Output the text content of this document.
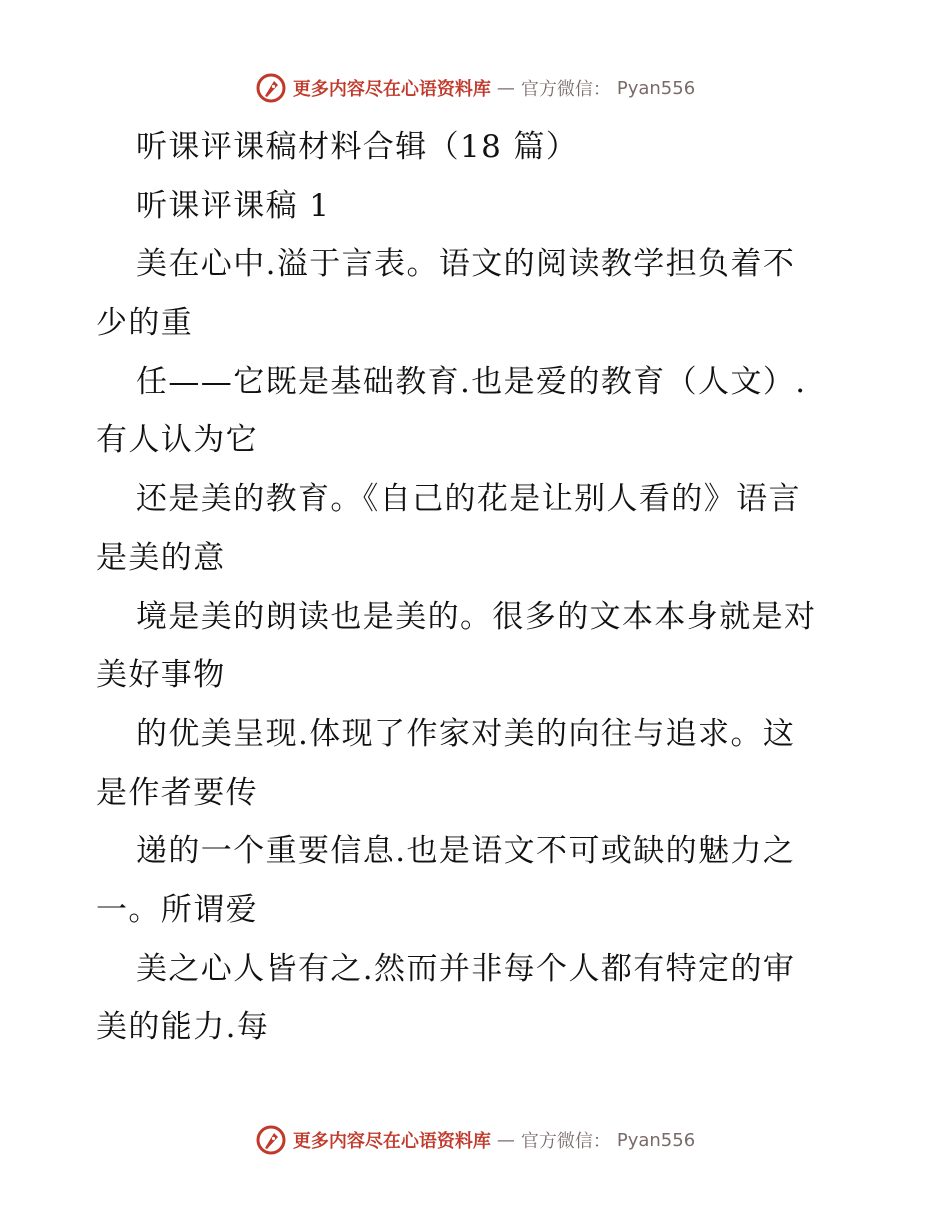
更多内容尽在心语资料库 — 官方微信： Pyan556
听课评课稿材料合辑（18 篇）
听课评课稿 1
美在心中.溢于言表。语文的阅读教学担负着不
少的重
任——它既是基础教育.也是爱的教育（人文）.
有人认为它
还是美的教育。《自己的花是让别人看的》语言
是美的意
境是美的朗读也是美的。很多的文本本身就是对
美好事物
的优美呈现.体现了作家对美的向往与追求。这
是作者要传
递的一个重要信息.也是语文不可或缺的魅力之
一。所谓爱
美之心人皆有之.然而并非每个人都有特定的审
美的能力.每
更多内容尽在心语资料库 — 官方微信： Pyan556
